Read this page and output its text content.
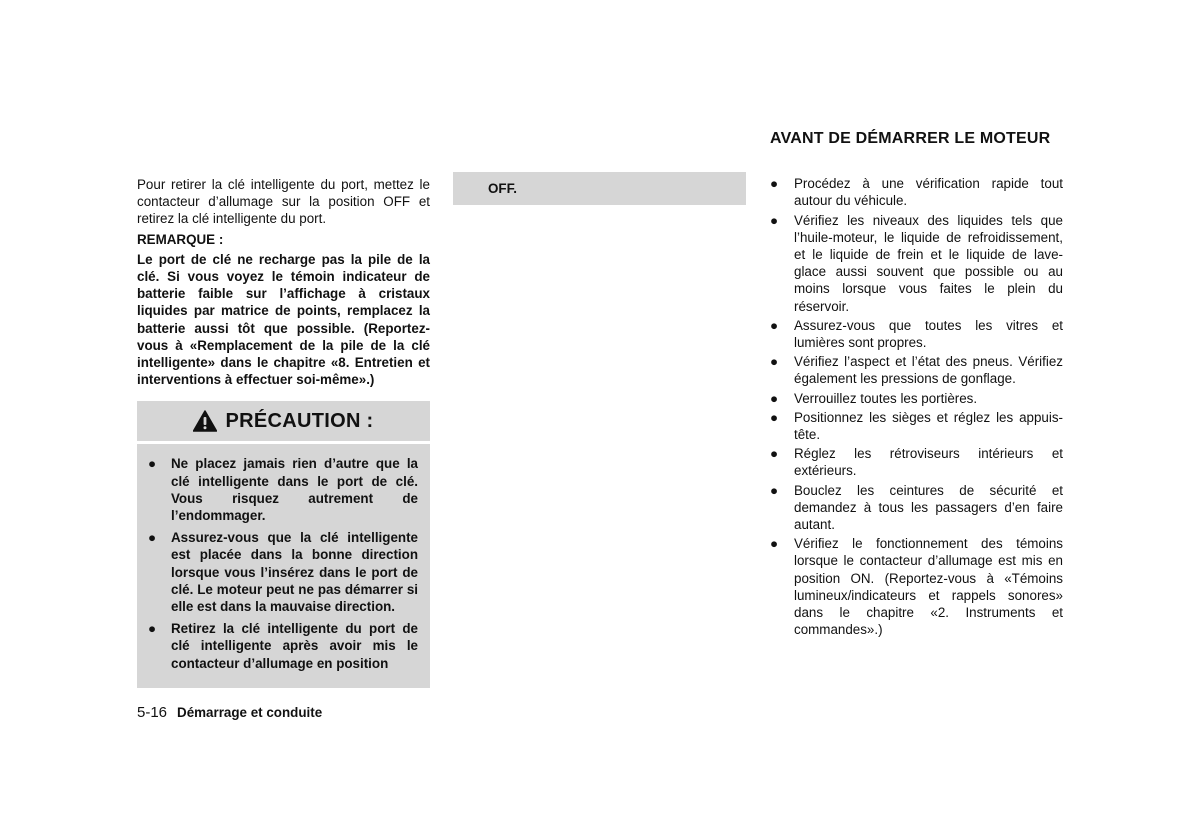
Pour retirer la clé intelligente du port, mettez le contacteur d’allumage sur la position OFF et retirez la clé intelligente du port.

REMARQUE :

Le port de clé ne recharge pas la pile de la clé. Si vous voyez le témoin indicateur de batterie faible sur l’affichage à cristaux liquides par matrice de points, remplacez la batterie aussi tôt que possible. (Reportez-vous à «Remplacement de la pile de la clé intelligente» dans le chapitre «8. Entretien et interventions à effectuer soi-même».)

PRÉCAUTION :
● Ne placez jamais rien d’autre que la clé intelligente dans le port de clé. Vous risquez autrement de l’endommager.
● Assurez-vous que la clé intelligente est placée dans la bonne direction lorsque vous l’insérez dans le port de clé. Le moteur peut ne pas démarrer si elle est dans la mauvaise direction.
● Retirez la clé intelligente du port de clé intelligente après avoir mis le contacteur d’allumage en position
OFF.
AVANT DE DÉMARRER LE MOTEUR
● Procédez à une vérification rapide tout autour du véhicule.
● Vérifiez les niveaux des liquides tels que l’huile-moteur, le liquide de refroidissement, et le liquide de frein et le liquide de lave-glace aussi souvent que possible ou au moins lorsque vous faites le plein du réservoir.
● Assurez-vous que toutes les vitres et lumières sont propres.
● Vérifiez l’aspect et l’état des pneus. Vérifiez également les pressions de gonflage.
● Verrouillez toutes les portières.
● Positionnez les sièges et réglez les appuis-tête.
● Réglez les rétroviseurs intérieurs et extérieurs.
● Bouclez les ceintures de sécurité et demandez à tous les passagers d’en faire autant.
● Vérifiez le fonctionnement des témoins lorsque le contacteur d’allumage est mis en position ON. (Reportez-vous à «Témoins lumineux/indicateurs et rappels sonores» dans le chapitre «2. Instruments et commandes».)
5-16 Démarrage et conduite
